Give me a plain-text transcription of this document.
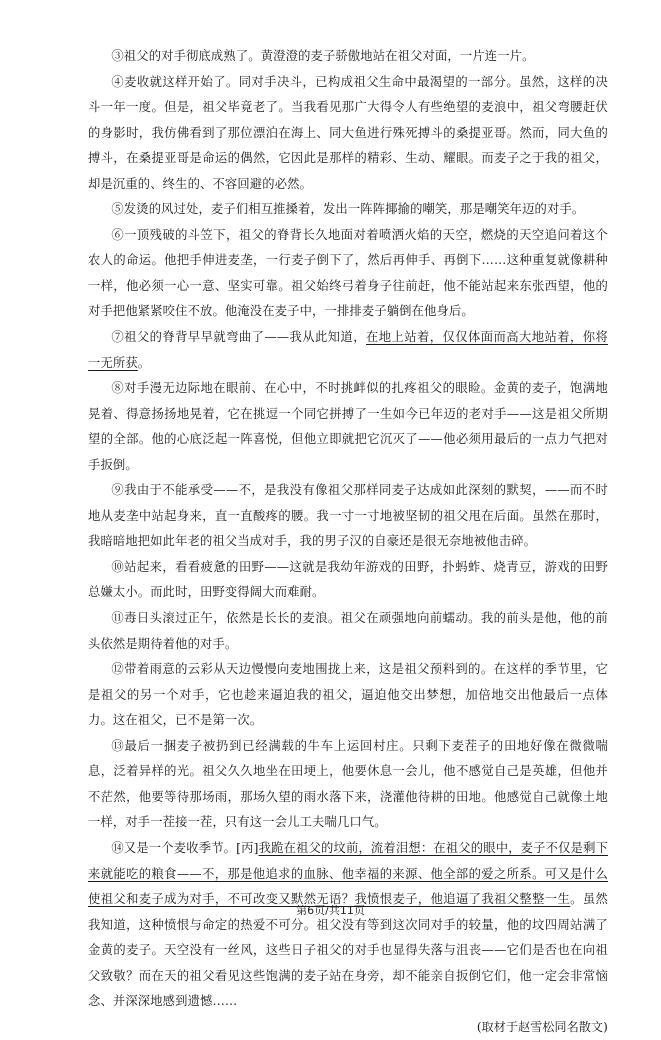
③祖父的对手彻底成熟了。黄澄澄的麦子骄傲地站在祖父对面，一片连一片。

④麦收就这样开始了。同对手决斗，已构成祖父生命中最渴望的一部分。虽然，这样的决斗一年一度。但是，祖父毕竟老了。当我看见那广大得令人有些绝望的麦浪中，祖父弯腰赶伏的身影时，我仿佛看到了那位漂泊在海上、同大鱼进行殊死搏斗的桑提亚哥。然而，同大鱼的搏斗，在桑提亚哥是命运的偶然，它因此是那样的精彩、生动、耀眼。而麦子之于我的祖父，却是沉重的、终生的、不容回避的必然。

⑤发烫的风过处，麦子们相互推搡着，发出一阵阵揶揄的嘲笑，那是嘲笑年迈的对手。

⑥一顶残破的斗笠下，祖父的脊背长久地面对着喷洒火焰的天空，燃烧的天空追问着这个农人的命运。他把手伸进麦垄，一行麦子倒下了，然后再伸手、再倒下……这种重复就像耕种一样，他必须一心一意、坚实可靠。祖父始终弓着身子往前赶，他不能站起来东张西望，他的对手把他紧紧咬住不放。他淹没在麦子中，一排排麦子躺倒在他身后。

⑦祖父的脊背早早就弯曲了——我从此知道，在地上站着，仅仅体面而高大地站着，你将一无所获。

⑧对手漫无边际地在眼前、在心中，不时挑衅似的扎疼祖父的眼睑。金黄的麦子，饱满地晃着、得意扬扬地晃着，它在挑逗一个同它拼搏了一生如今已年迈的老对手——这是祖父所期望的全部。他的心底泛起一阵喜悦，但他立即就把它沉灭了——他必须用最后的一点力气把对手扳倒。

⑨我由于不能承受——不，是我没有像祖父那样同麦子达成如此深刻的默契，——而不时地从麦垄中站起身来，直一直酸疼的腰。我一寸一寸地被坚韧的祖父甩在后面。虽然在那时，我暗暗地把如此年老的祖父当成对手，我的男子汉的自豪还是很无奈地被他击碎。

⑩站起来，看看疲惫的田野——这就是我幼年游戏的田野，扑蚂蚱、烧青豆，游戏的田野总嫌太小。而此时，田野变得阔大而难耐。

⑪毒日头滚过正午，依然是长长的麦浪。祖父在顽强地向前蠕动。我的前头是他，他的前头依然是期待着他的对手。

⑫带着雨意的云彩从天边慢慢向麦地围拢上来，这是祖父预料到的。在这样的季节里，它是祖父的另一个对手，它也趁来逼迫我的祖父，逼迫他交出梦想，加倍地交出他最后一点体力。这在祖父，已不是第一次。

⑬最后一捆麦子被扔到已经满载的牛车上运回村庄。只剩下麦茬子的田地好像在微微喘息，泛着异样的光。祖父久久地坐在田埂上，他要休息一会儿，他不感觉自己是英雄，但他并不茫然，他要等待那场雨，那场久望的雨水落下来，浇灌他待耕的田地。他感觉自己就像土地一样，对手一茬接一茬，只有这一会儿工夫喘几口气。

⑭又是一个麦收季节。[丙]我跪在祖父的坟前，流着泪想：在祖父的眼中，麦子不仅是剩下来就能吃的粮食——不，那是他追求的血脉、他幸福的来源、他全部的爱之所系。可又是什么使祖父和麦子成为对手，不可改变又默然无语？我愤恨麦子，他追逼了我祖父整整一生。虽然我知道，这种愤恨与命定的热爱不可分。祖父没有等到这次同对手的较量，他的坟四周站满了金黄的麦子。天空没有一丝风，这些日子祖父的对手也显得失落与沮丧——它们是否也在向祖父致敬？而在天的祖父看见这些饱满的麦子站在身旁，却不能亲自扳倒它们，他一定会非常恼念、并深深地感到遗憾……

(取材于赵雪松同名散文)

第6页/共11页
